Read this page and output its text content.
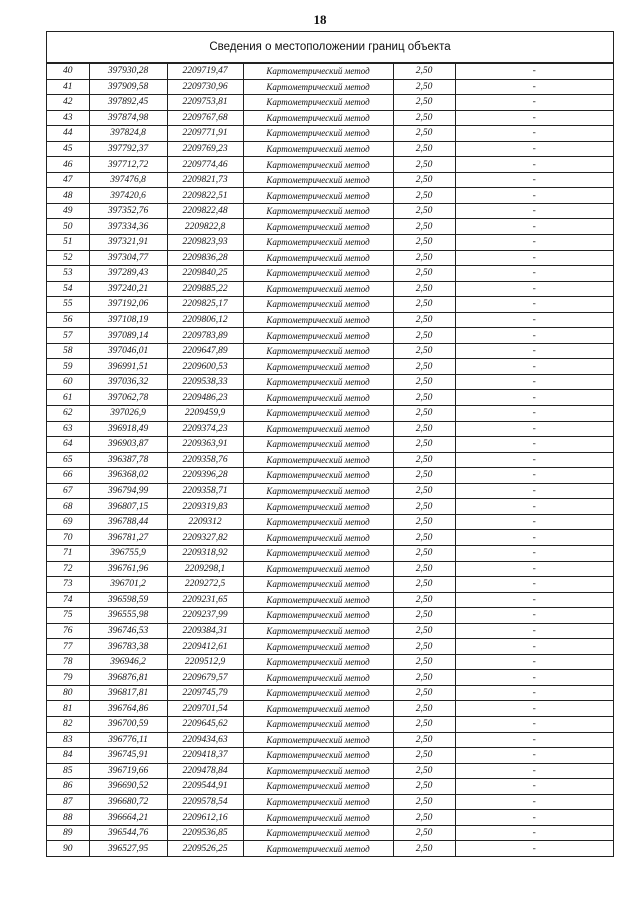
18
Сведения о местоположении границ объекта
40	397930,28	2209719,47	Картометрический метод	2,50	-
41	397909,58	2209730,96	Картометрический метод	2,50	-
42	397892,45	2209753,81	Картометрический метод	2,50	-
43	397874,98	2209767,68	Картометрический метод	2,50	-
44	397824,8	2209771,91	Картометрический метод	2,50	-
45	397792,37	2209769,23	Картометрический метод	2,50	-
46	397712,72	2209774,46	Картометрический метод	2,50	-
47	397476,8	2209821,73	Картометрический метод	2,50	-
48	397420,6	2209822,51	Картометрический метод	2,50	-
49	397352,76	2209822,48	Картометрический метод	2,50	-
50	397334,36	2209822,8	Картометрический метод	2,50	-
51	397321,91	2209823,93	Картометрический метод	2,50	-
52	397304,77	2209836,28	Картометрический метод	2,50	-
53	397289,43	2209840,25	Картометрический метод	2,50	-
54	397240,21	2209885,22	Картометрический метод	2,50	-
55	397192,06	2209825,17	Картометрический метод	2,50	-
56	397108,19	2209806,12	Картометрический метод	2,50	-
57	397089,14	2209783,89	Картометрический метод	2,50	-
58	397046,01	2209647,89	Картометрический метод	2,50	-
59	396991,51	2209600,53	Картометрический метод	2,50	-
60	397036,32	2209538,33	Картометрический метод	2,50	-
61	397062,78	2209486,23	Картометрический метод	2,50	-
62	397026,9	2209459,9	Картометрический метод	2,50	-
63	396918,49	2209374,23	Картометрический метод	2,50	-
64	396903,87	2209363,91	Картометрический метод	2,50	-
65	396387,78	2209358,76	Картометрический метод	2,50	-
66	396368,02	2209396,28	Картометрический метод	2,50	-
67	396794,99	2209358,71	Картометрический метод	2,50	-
68	396807,15	2209319,83	Картометрический метод	2,50	-
69	396788,44	2209312	Картометрический метод	2,50	-
70	396781,27	2209327,82	Картометрический метод	2,50	-
71	396755,9	2209318,92	Картометрический метод	2,50	-
72	396761,96	2209298,1	Картометрический метод	2,50	-
73	396701,2	2209272,5	Картометрический метод	2,50	-
74	396598,59	2209231,65	Картометрический метод	2,50	-
75	396555,98	2209237,99	Картометрический метод	2,50	-
76	396746,53	2209384,31	Картометрический метод	2,50	-
77	396783,38	2209412,61	Картометрический метод	2,50	-
78	396946,2	2209512,9	Картометрический метод	2,50	-
79	396876,81	2209679,57	Картометрический метод	2,50	-
80	396817,81	2209745,79	Картометрический метод	2,50	-
81	396764,86	2209701,54	Картометрический метод	2,50	-
82	396700,59	2209645,62	Картометрический метод	2,50	-
83	396776,11	2209434,63	Картометрический метод	2,50	-
84	396745,91	2209418,37	Картометрический метод	2,50	-
85	396719,66	2209478,84	Картометрический метод	2,50	-
86	396690,52	2209544,91	Картометрический метод	2,50	-
87	396680,72	2209578,54	Картометрический метод	2,50	-
88	396664,21	2209612,16	Картометрический метод	2,50	-
89	396544,76	2209536,85	Картометрический метод	2,50	-
90	396527,95	2209526,25	Картометрический метод	2,50	-
